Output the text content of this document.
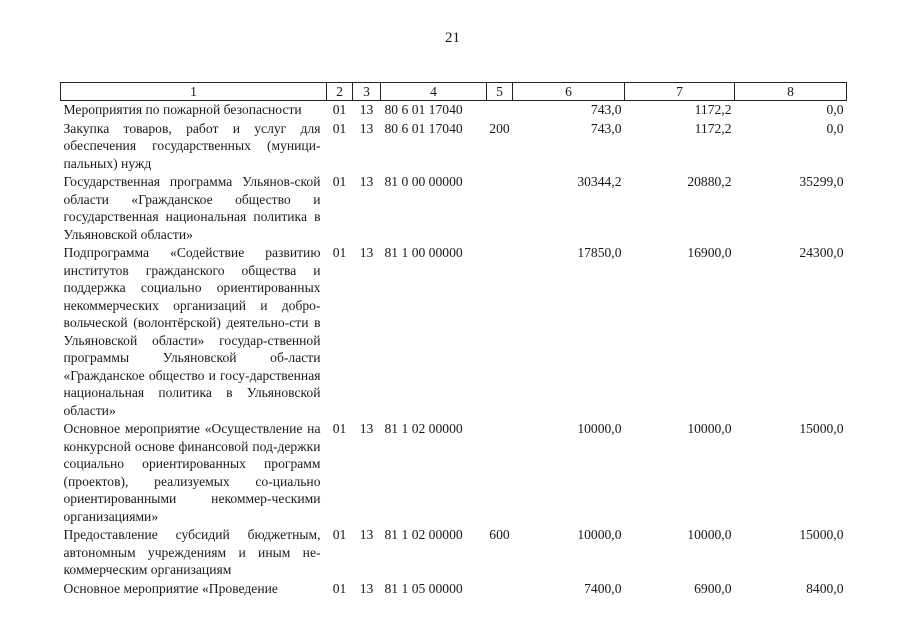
21
1	2	3	4	5	6	7	8
Мероприятия по пожарной безопасности	01	13	80 6 01 17040		743,0	1172,2	0,0
Закупка товаров, работ и услуг для обеспечения государственных (муници-пальных) нужд	01	13	80 6 01 17040	200	743,0	1172,2	0,0
Государственная программа Ульянов-ской области «Гражданское общество и государственная национальная политика в Ульяновской области»	01	13	81 0 00 00000		30344,2	20880,2	35299,0
Подпрограмма «Содействие развитию институтов гражданского общества и поддержка социально ориентированных некоммерческих организаций и добро-вольческой (волонтёрской) деятельно-сти в Ульяновской области» государ-ственной программы Ульяновской об-ласти «Гражданское общество и госу-дарственная национальная политика в Ульяновской области»	01	13	81 1 00 00000		17850,0	16900,0	24300,0
Основное мероприятие «Осуществление на конкурсной основе финансовой под-держки социально ориентированных программ (проектов), реализуемых со-циально ориентированными некоммер-ческими организациями»	01	13	81 1 02 00000		10000,0	10000,0	15000,0
Предоставление субсидий бюджетным, автономным учреждениям и иным не-коммерческим организациям	01	13	81 1 02 00000	600	10000,0	10000,0	15000,0
Основное мероприятие «Проведение	01	13	81 1 05 00000		7400,0	6900,0	8400,0
